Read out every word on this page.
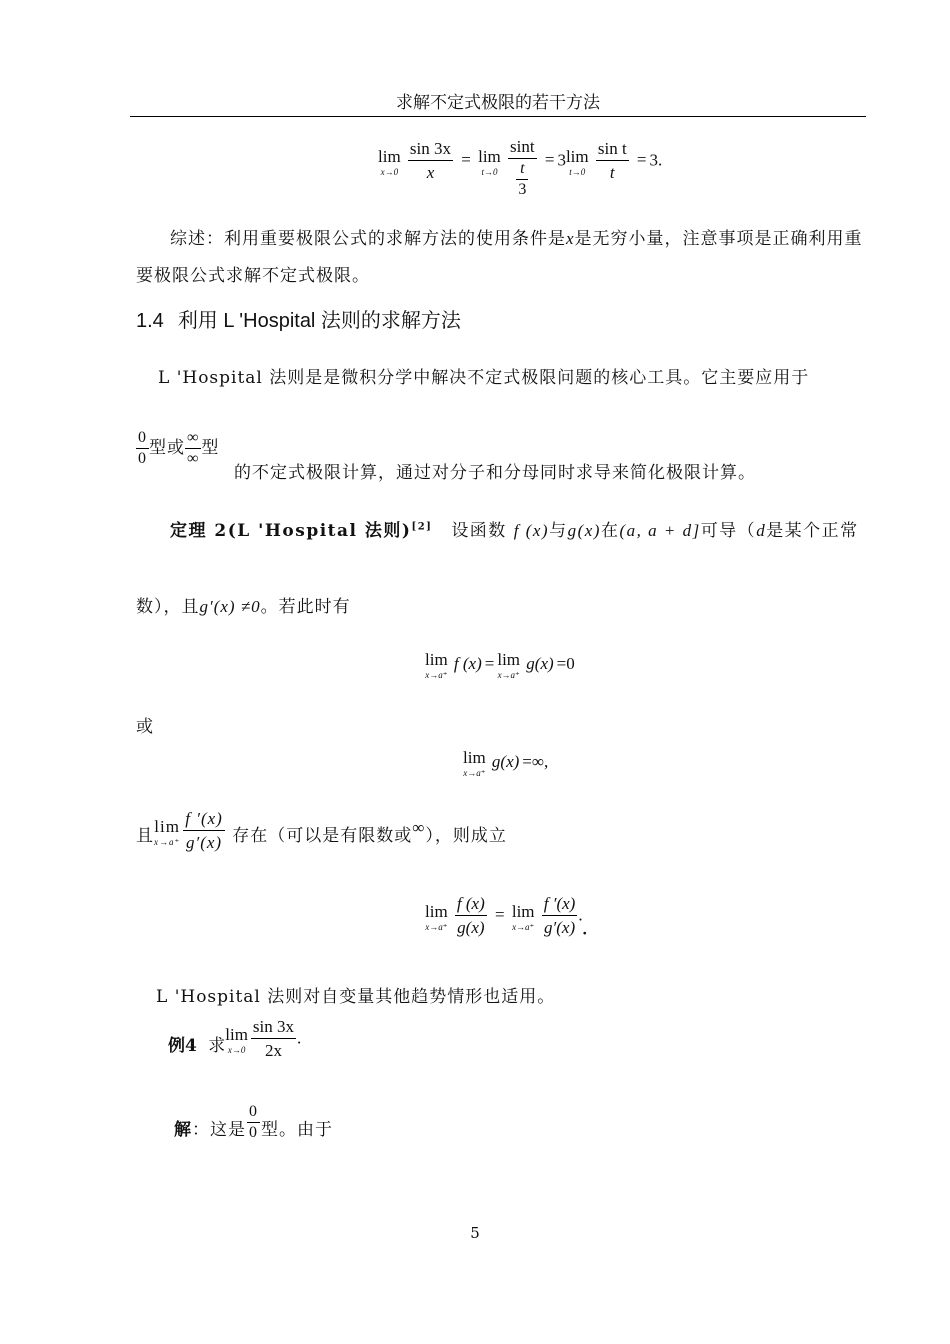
求解不定式极限的若干方法
lim
x→0
$\frac{\sin 3x}{x} = \lim$
t→0
$\frac{\sin t}{\frac{t}{3}} = 3$ lim
t→0
$\frac{\text{sin t}}{t} = 3$.
综述：利用重要极限公式的求解方法的使用条件是x是无穷小量，注意事项是正确利用重要极限公式求解不定式极限。
1.4 利用 L 'Hospital 法则的求解方法
L 'Hospital 法则是是微积分学中解决不定式极限问题的核心工具。它主要应用于
$\frac{0}{0}$ 型或 $\frac{\infty}{\infty}$ 型
的不定式极限计算，通过对分子和分母同时求导来简化极限计算。
定理 2(L 'Hospital 法则)[2] 设函数 f (x)与g(x)在(a, a + d]可导（d是某个正常
数），且g′(x) ≠0。若此时有
lim
x→a⁺
f (x) = lim
x→a⁺
g(x) =0
或
lim
x→a⁺
g(x) =∞,
且 lim
$x\to a^+ \frac{f '(x)}{g'(x)}$ 存在（可以是有限数或∞），则成立
lim
x→a⁺
$\frac{f (x)}{g(x)} = \lim$
x→a⁺
$\frac{f '(x)}{g'(x)}$ ..
L 'Hospital 法则对自变量其他趋势情形也适用。
例4 求
lim
$x\to 0 \frac{\sin 3x}{2x}$ .
解：这是 $\frac{0}{0}$ 型。由于
5
